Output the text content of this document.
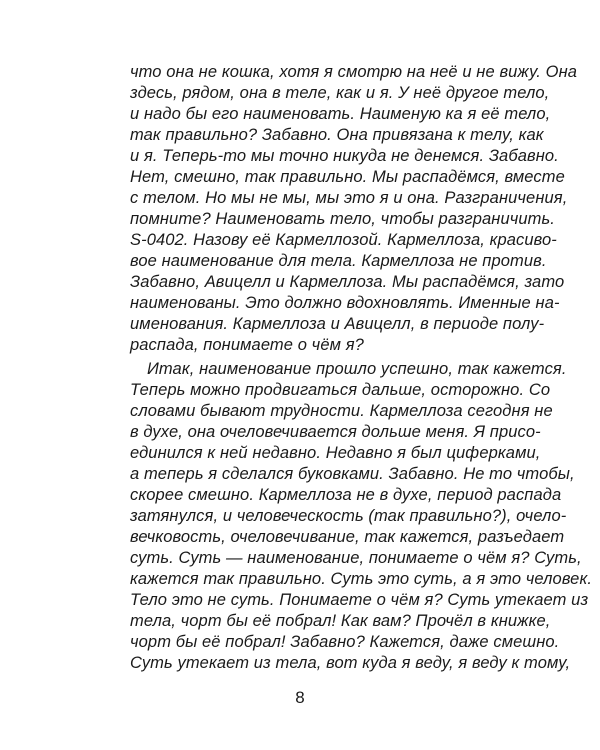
что она не кошка, хотя я смотрю на неё и не вижу. Она
здесь, рядом, она в теле, как и я. У неё другое тело,
и надо бы его наименовать. Наименую ка я её тело,
так правильно? Забавно. Она привязана к телу, как
и я. Теперь-то мы точно никуда не денемся. Забавно.
Нет, смешно, так правильно. Мы распадёмся, вместе
с телом. Но мы не мы, мы это я и она. Разграничения,
помните? Наименовать тело, чтобы разграничить.
S-0402. Назову её Кармеллозой. Кармеллоза, красиво-
вое наименование для тела. Кармеллоза не против.
Забавно, Авицелл и Кармеллоза. Мы распадёмся, зато
наименованы. Это должно вдохновлять. Именные на-
именования. Кармеллоза и Авицелл, в периоде полу-
распада, понимаете о чём я?
Итак, наименование прошло успешно, так кажется.
Теперь можно продвигаться дальше, осторожно. Со
словами бывают трудности. Кармеллоза сегодня не
в духе, она очеловечивается дольше меня. Я присо-
единился к ней недавно. Недавно я был циферками,
а теперь я сделался буковками. Забавно. Не то чтобы,
скорее смешно. Кармеллоза не в духе, период распада
затянулся, и человеческость (так правильно?), очело-
вечковость, очеловечивание, так кажется, разъедает
суть. Суть — наименование, понимаете о чём я? Суть,
кажется так правильно. Суть это суть, а я это человек.
Тело это не суть. Понимаете о чём я? Суть утекает из
тела, чорт бы её побрал! Как вам? Прочёл в книжке,
чорт бы её побрал! Забавно? Кажется, даже смешно.
Суть утекает из тела, вот куда я веду, я веду к тому,
8
